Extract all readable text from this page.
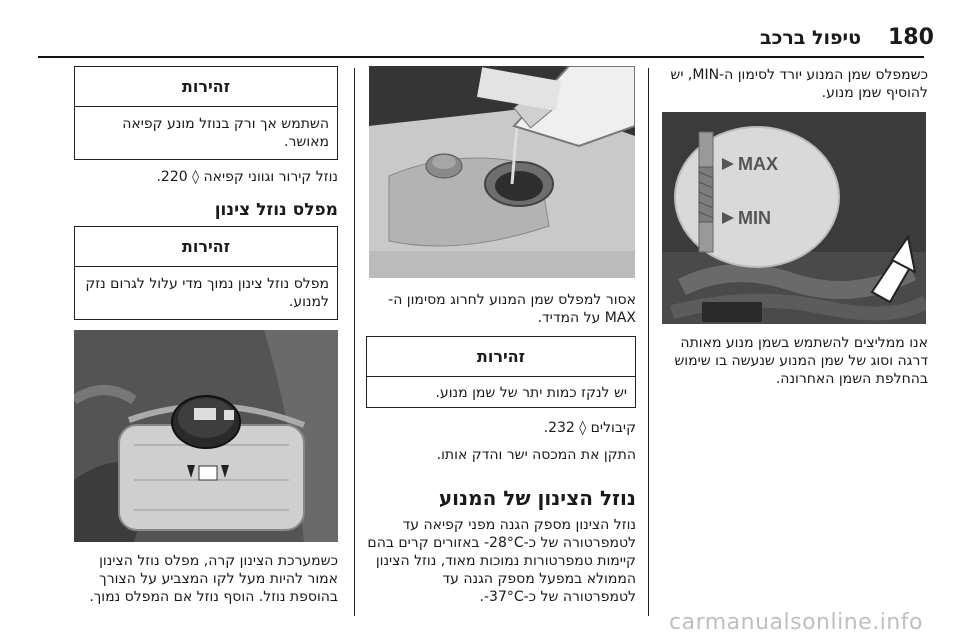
180
טיפול ברכב

כשמפלס שמן המנוע יורד לסימון ה-MIN, יש להוסיף שמן מנוע.

MAX
MIN

אנו ממליצים להשתמש בשמן מנוע מאותה דרגה וסוג של שמן המנוע שנעשה בו שימוש בהחלפת השמן האחרונה.

אסור למפלס שמן המנוע לחרוג מסימון ה-MAX על המדיד.

זהירות
יש לנקז כמות יתר של שמן מנוע.

קיבולים ◊ 232.

התקן את המכסה ישר והדק אותו.

נוזל הצינון של המנוע

נוזל הצינון מספק הגנה מפני קפיאה עד לטמפרטורה של כ-28°C- באזורים קרים בהם קיימות טמפרטורות נמוכות מאוד, נוזל הצינון הממולא במפעל מספק הגנה עד לטמפרטורה של כ-37°C-.

זהירות
השתמש אך ורק בנוזל מונע קפיאה מאושר.

נוזל קירור וגווני קפיאה ◊ 220.

מפלס נוזל צינון
זהירות
מפלס נוזל צינון נמוך מדי עלול לגרום נזק למנוע.

כשמערכת הצינון קרה, מפלס נוזל הצינון אמור להיות מעל לקו המצביע על הצורך בהוספת נוזל. הוסף נוזל אם המפלס נמוך.

carmanualsonline.info
